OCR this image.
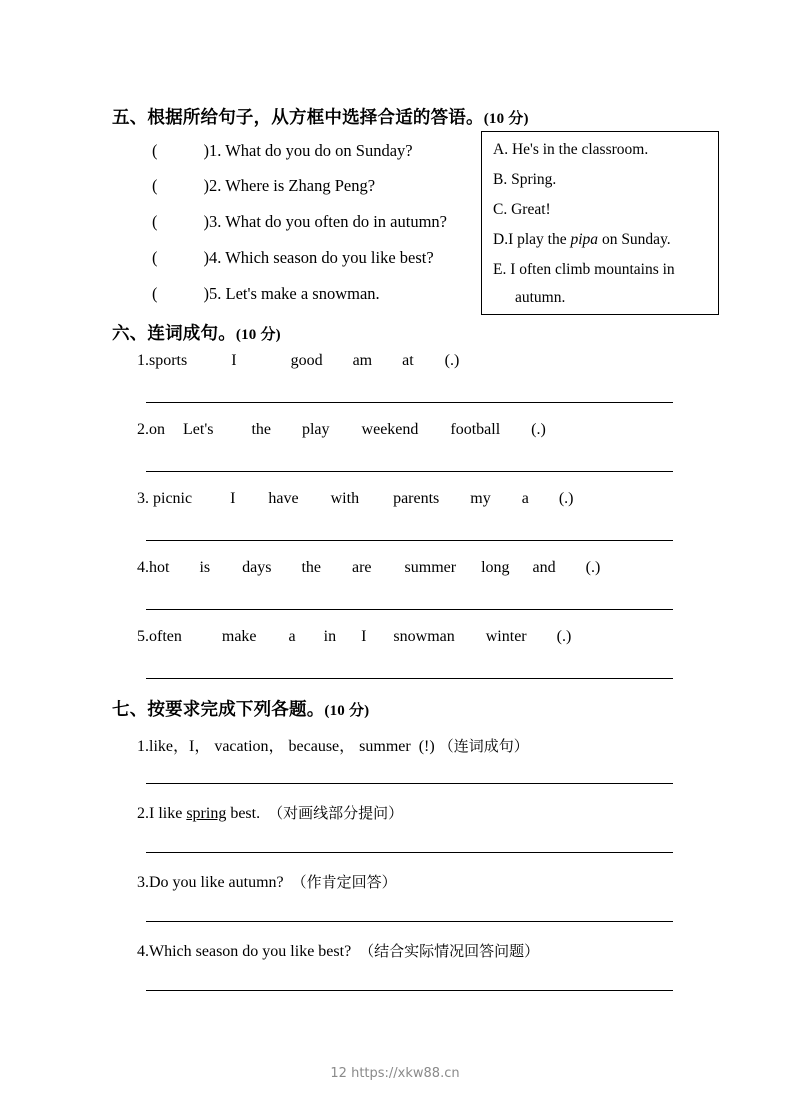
五、根据所给句子，从方框中选择合适的答语。(10 分)
(	)1. What do you do on Sunday?
(	)2. Where is Zhang Peng?
(	)3. What do you often do in autumn?
(	)4. Which season do you like best?
(	)5. Let's make a snowman.
A. He's in the classroom.
B. Spring.
C. Great!
D.I play the pipa on Sunday.
E. I often climb mountains in
autumn.
六、连词成句。(10 分)
1.sports	I	good am at (.)
2.on Let's the play weekend football (.)
3. picnic I have with parents my a (.)
4.hot is days the are summer long and (.)
5.often	make a in I snowman winter (.)
七、按要求完成下列各题。(10 分)
1.like，I， vacation， because， summer (!) （连词成句）
2.I like spring best. （对画线部分提问）
3.Do you like autumn? （作肯定回答）
4.Which season do you like best? （结合实际情况回答问题）
12 https://xkw88.cn
